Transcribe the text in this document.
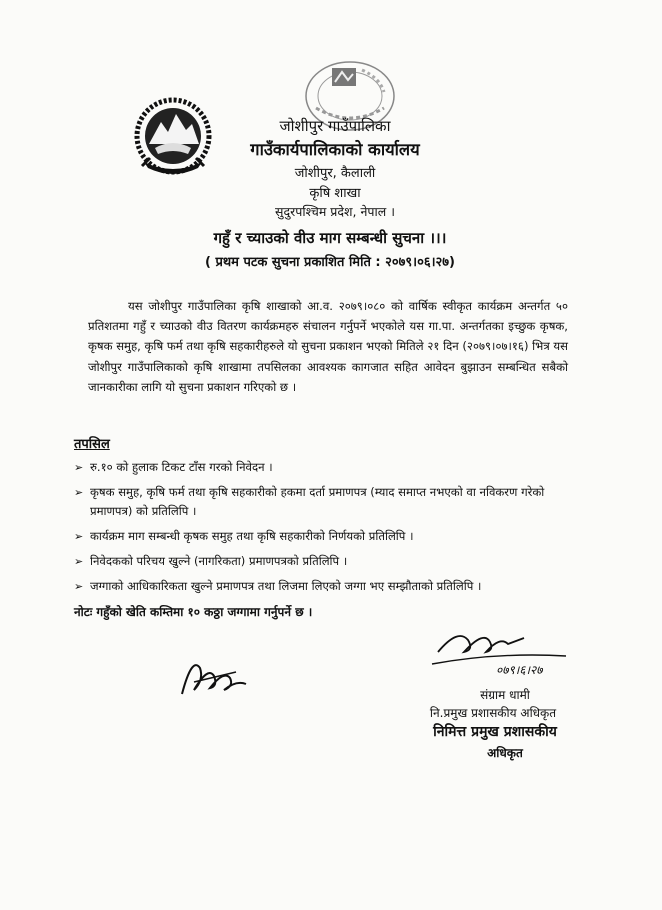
जोशीपुर गाउँपालिका
गाउँकार्यपालिकाको कार्यालय
जोशीपुर, कैलाली
कृषि शाखा
सुदुरपश्चिम प्रदेश, नेपाल ।
गहुँ र च्याउको वीउ माग सम्बन्धी सुचना ।।।
( प्रथम पटक सुचना प्रकाशित मिति : २०७९।०६।२७)

यस जोशीपुर गाउँपालिका कृषि शाखाको आ.व. २०७९।०८० को वार्षिक स्वीकृत कार्यक्रम अन्तर्गत ५० प्रतिशतमा गहुँ र च्याउको वीउ वितरण कार्यक्रमहरु संचालन गर्नुपर्ने भएकोले यस गा.पा. अन्तर्गतका इच्छुक कृषक, कृषक समुह, कृषि फर्म तथा कृषि सहकारीहरुले यो सुचना प्रकाशन भएको मितिले २१ दिन (२०७९।०७।१६) भित्र यस जोशीपुर गाउँपालिकाको कृषि शाखामा तपसिलका आवश्यक कागजात सहित आवेदन बुझाउन सम्बन्धित सबैको जानकारीका लागि यो सुचना प्रकाशन गरिएको छ ।

तपसिल
➢ रु.१० को हुलाक टिकट टाँस गरको निवेदन ।
➢ कृषक समुह, कृषि फर्म तथा कृषि सहकारीको हकमा दर्ता प्रमाणपत्र (म्याद समाप्त नभएको वा नविकरण गरेको प्रमाणपत्र) को प्रतिलिपि ।
➢ कार्यक्रम माग सम्बन्धी कृषक समुह तथा कृषि सहकारीको निर्णयको प्रतिलिपि ।
➢ निवेदकको परिचय खुल्ने (नागरिकता) प्रमाणपत्रको प्रतिलिपि ।
➢ जग्गाको आधिकारिकता खुल्ने प्रमाणपत्र तथा लिजमा लिएको जग्गा भए सम्झौताको प्रतिलिपि ।
नोटः गहुँको खेति कम्तिमा १० कठ्ठा जग्गामा गर्नुपर्ने छ ।
०७९।६।२७
संग्राम धामी
नि.प्रमुख प्रशासकीय अधिकृत
निमित्त प्रमुख प्रशासकीय
अधिकृत
